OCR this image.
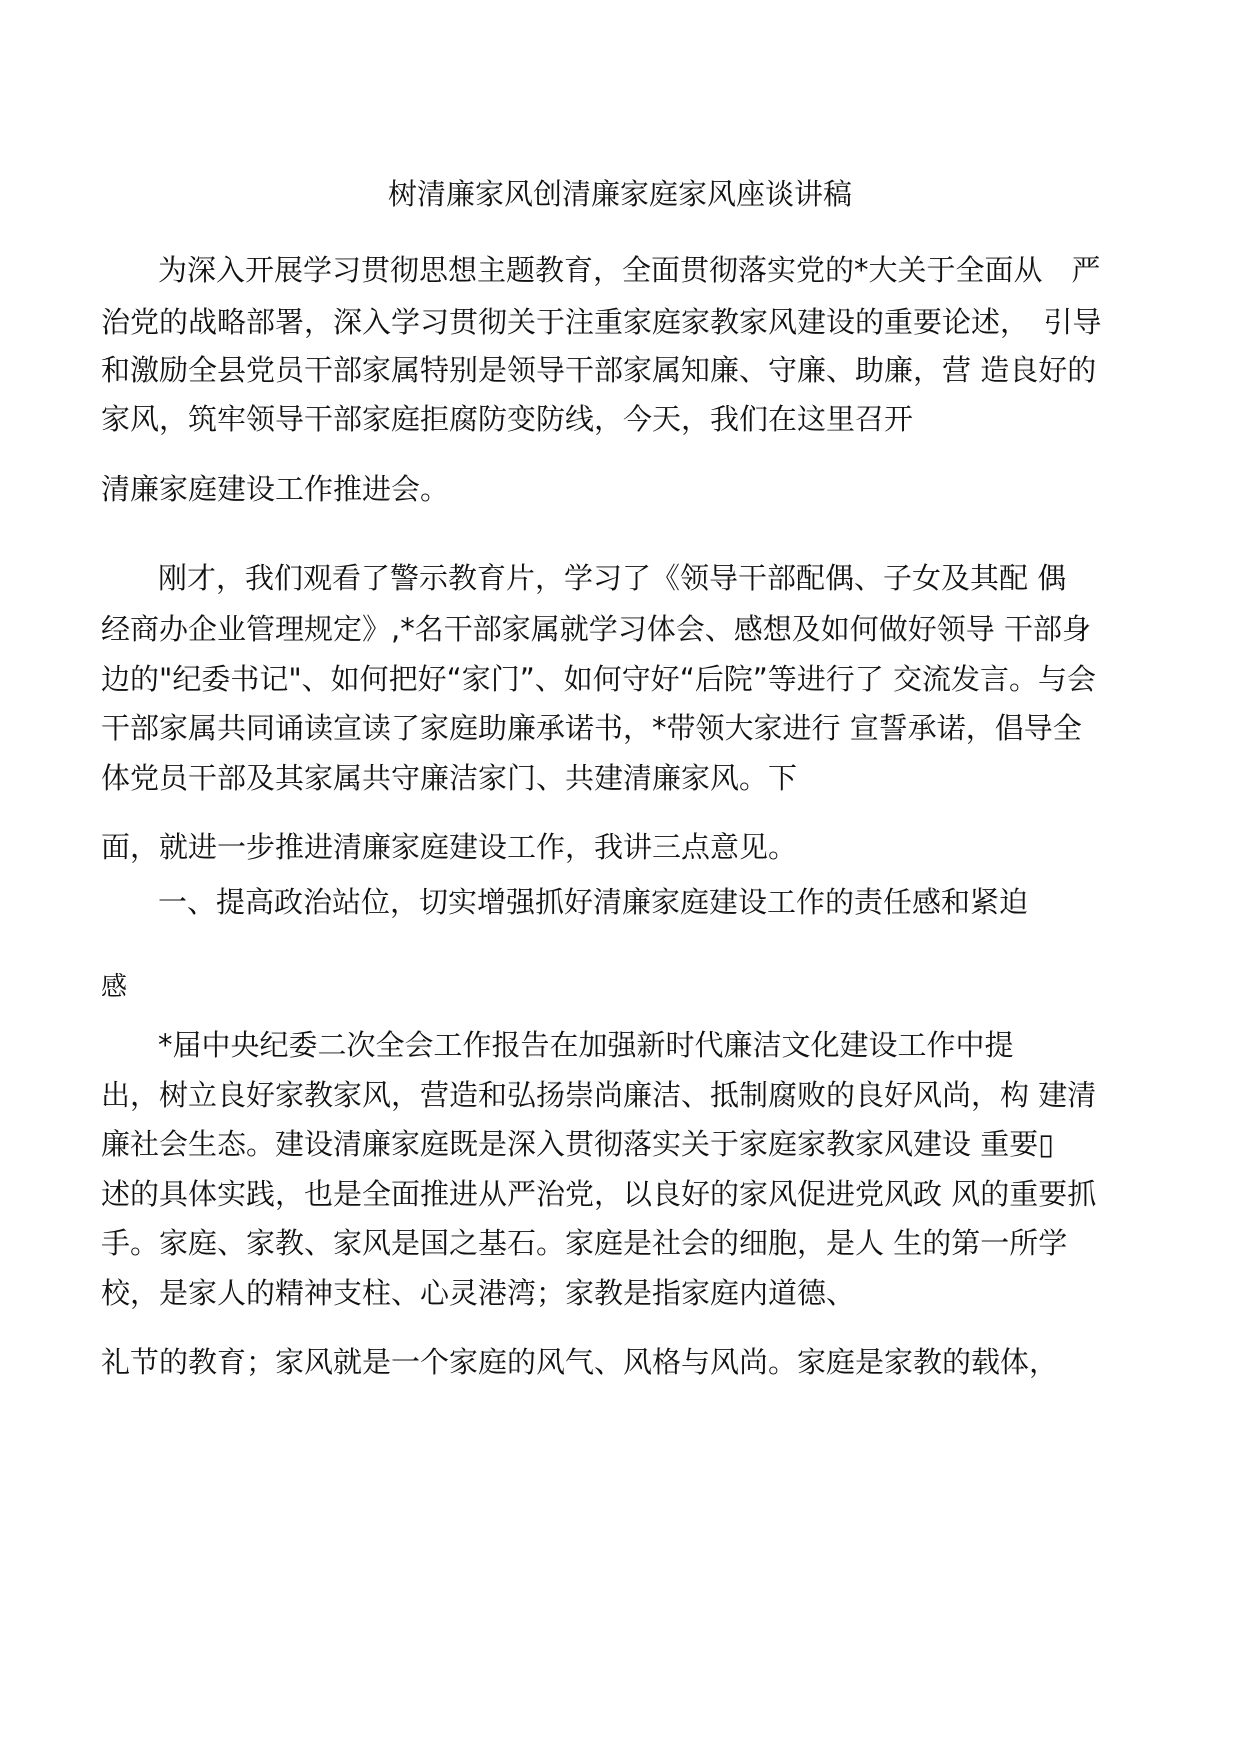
树清廉家风创清廉家庭家风座谈讲稿
为深入开展学习贯彻思想主题教育，全面贯彻落实党的*大关于全面从　严
治党的战略部署，深入学习贯彻关于注重家庭家教家风建设的重要论述，　引导
和激励全县党员干部家属特别是领导干部家属知廉、守廉、助廉，营 造良好的
家风，筑牢领导干部家庭拒腐防变防线，今天，我们在这里召开
清廉家庭建设工作推进会。
刚才，我们观看了警示教育片，学习了《领导干部配偶、子女及其配 偶
经商办企业管理规定》,*名干部家属就学习体会、感想及如何做好领导 干部身
边的"纪委书记"、如何把好“家门”、如何守好“后院”等进行了 交流发言。与会
干部家属共同诵读宣读了家庭助廉承诺书，*带领大家进行 宣誓承诺，倡导全
体党员干部及其家属共守廉洁家门、共建清廉家风。下
面，就进一步推进清廉家庭建设工作，我讲三点意见。
一、提高政治站位，切实增强抓好清廉家庭建设工作的责任感和紧迫
感
*届中央纪委二次全会工作报告在加强新时代廉洁文化建设工作中提
出，树立良好家教家风，营造和弘扬崇尚廉洁、抵制腐败的良好风尚，构 建清
廉社会生态。建设清廉家庭既是深入贯彻落实关于家庭家教家风建设 重要▯
述的具体实践，也是全面推进从严治党，以良好的家风促进党风政 风的重要抓
手。家庭、家教、家风是国之基石。家庭是社会的细胞，是人 生的第一所学
校，是家人的精神支柱、心灵港湾；家教是指家庭内道德、
礼节的教育；家风就是一个家庭的风气、风格与风尚。家庭是家教的载体，
